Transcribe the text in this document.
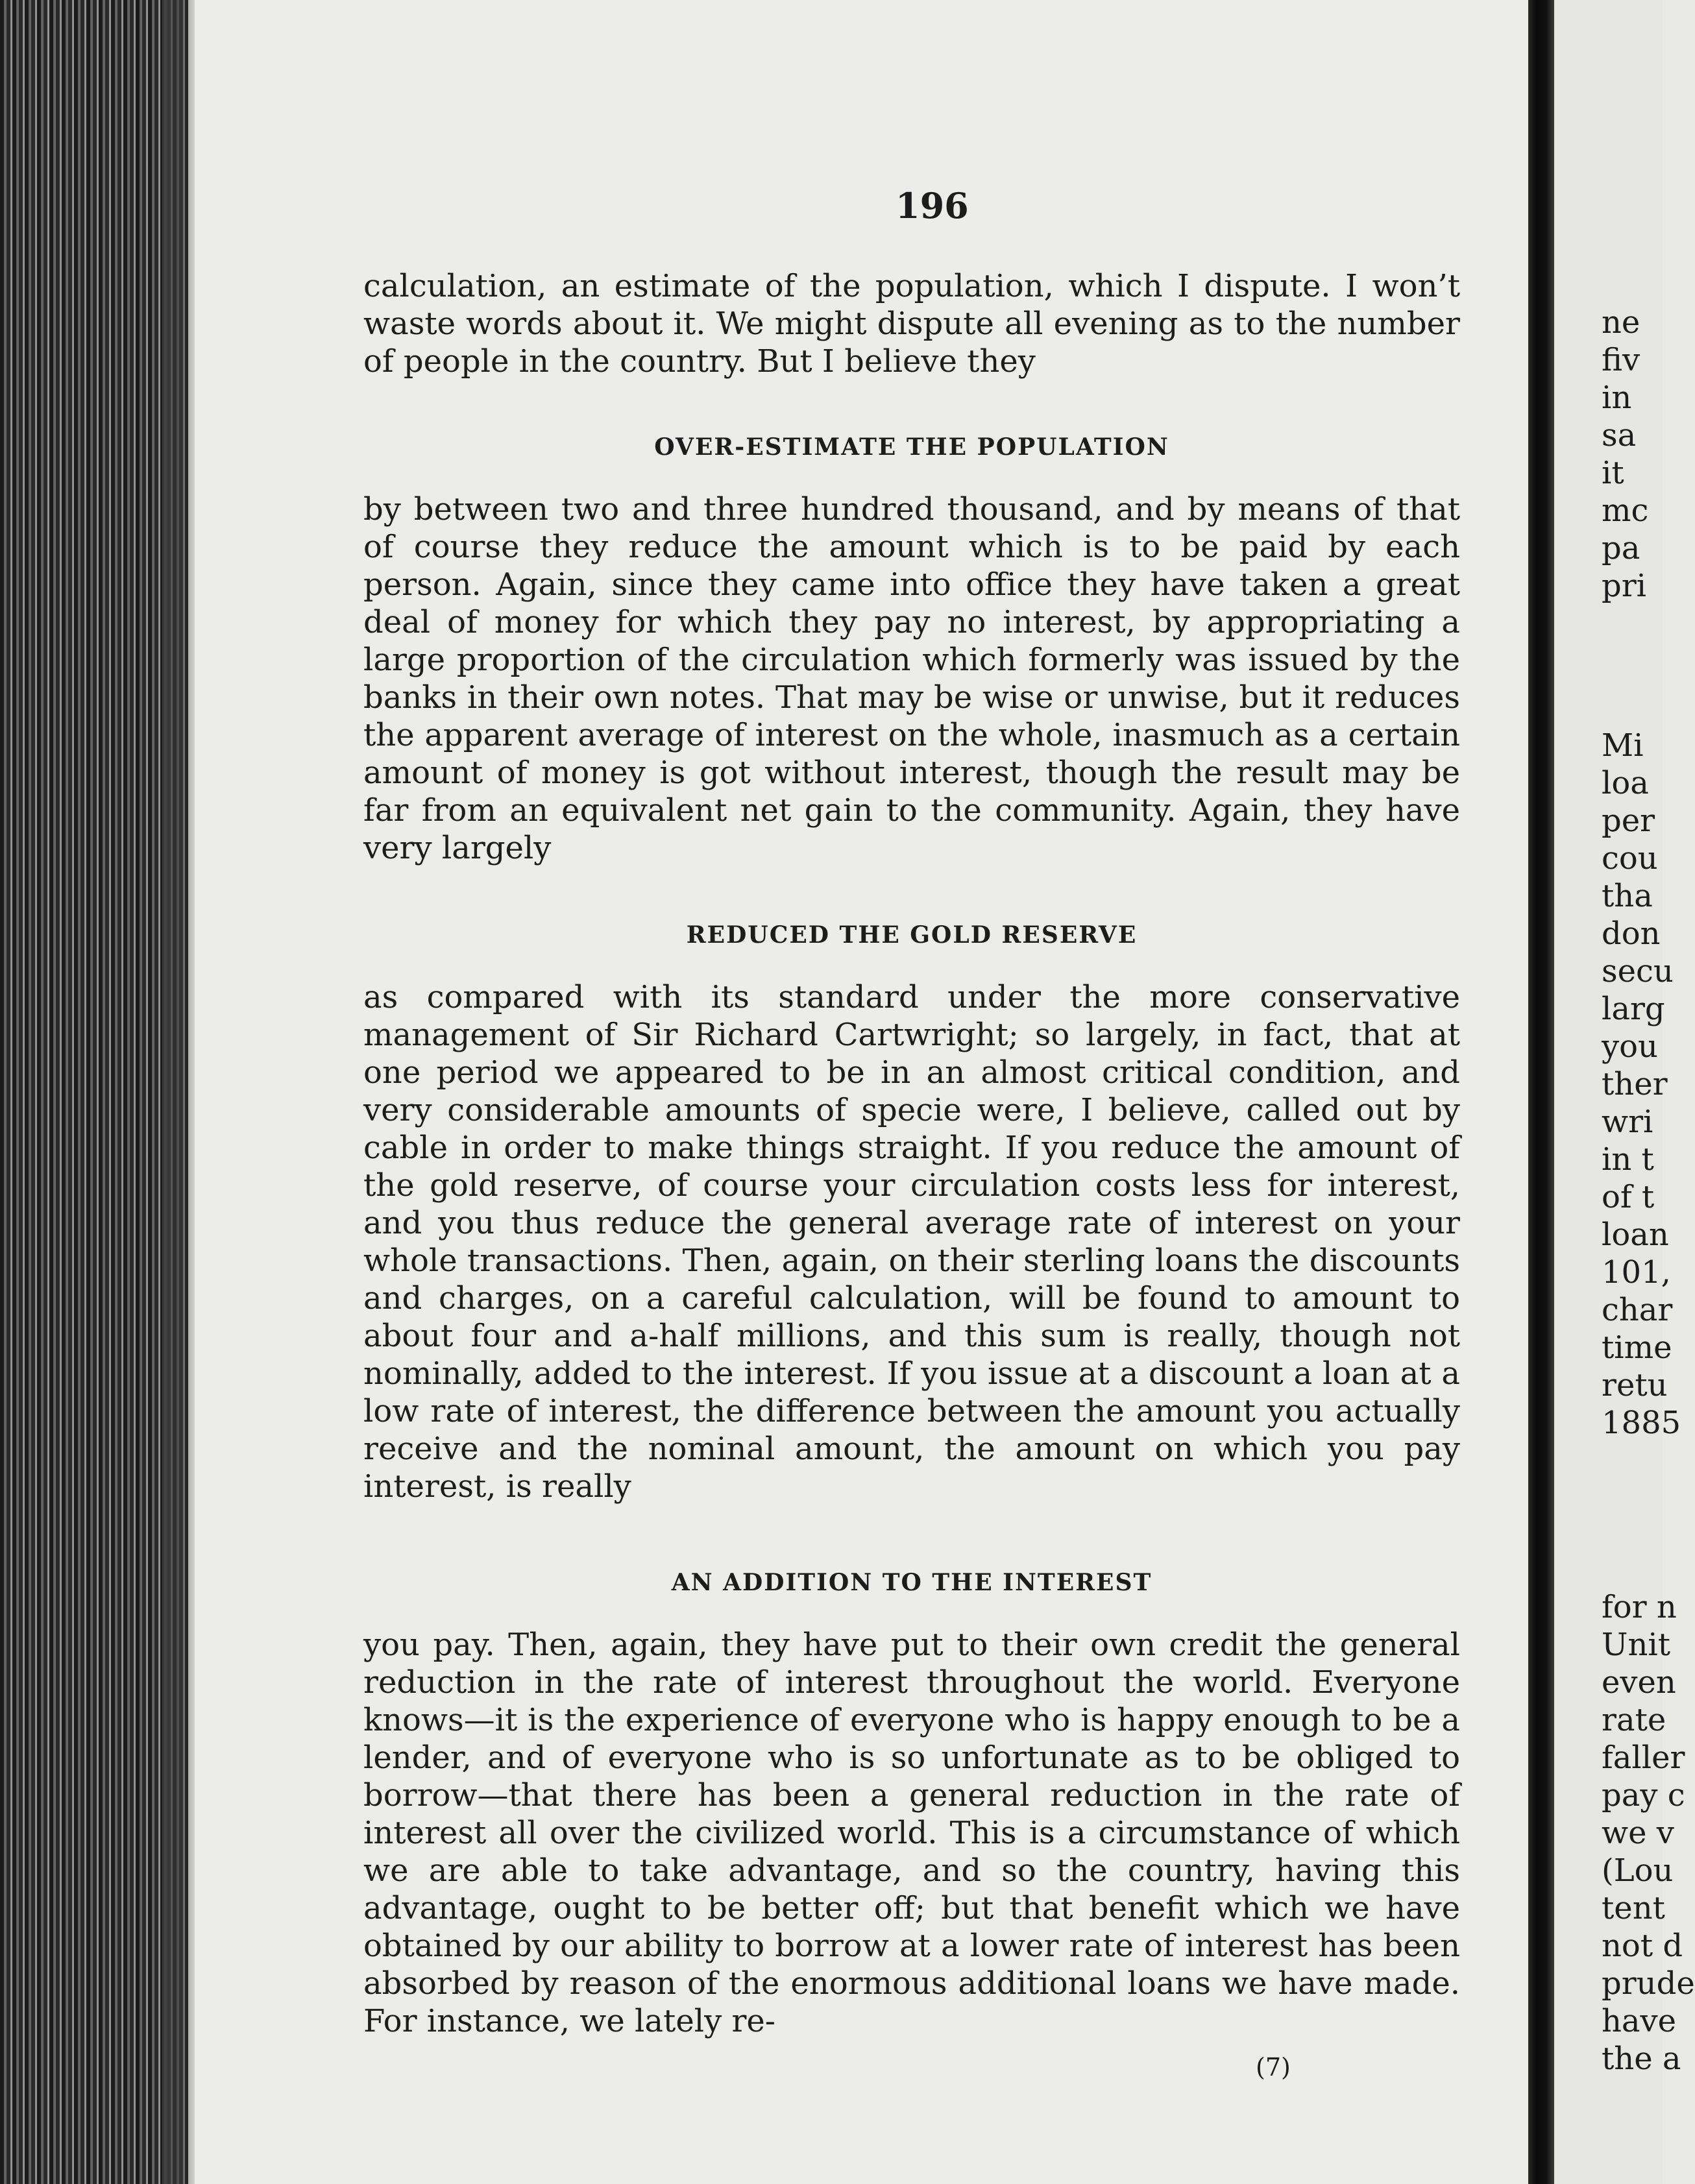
196

calculation, an estimate of the population, which I dispute. I won’t waste words about it. We might dispute all evening as to the number of people in the country. But I believe they

OVER-ESTIMATE THE POPULATION

by between two and three hundred thousand, and by means of that of course they reduce the amount which is to be paid by each person. Again, since they came into office they have taken a great deal of money for which they pay no interest, by appropriating a large proportion of the circulation which formerly was issued by the banks in their own notes. That may be wise or unwise, but it reduces the apparent average of interest on the whole, inasmuch as a certain amount of money is got without interest, though the result may be far from an equivalent net gain to the community. Again, they have very largely

REDUCED THE GOLD RESERVE

as compared with its standard under the more conservative management of Sir Richard Cartwright; so largely, in fact, that at one period we appeared to be in an almost critical condition, and very considerable amounts of specie were, I believe, called out by cable in order to make things straight. If you reduce the amount of the gold reserve, of course your circulation costs less for interest, and you thus reduce the general average rate of interest on your whole transactions. Then, again, on their sterling loans the discounts and charges, on a careful calculation, will be found to amount to about four and a-half millions, and this sum is really, though not nominally, added to the interest. If you issue at a discount a loan at a low rate of interest, the difference between the amount you actually receive and the nominal amount, the amount on which you pay interest, is really

AN ADDITION TO THE INTEREST

you pay. Then, again, they have put to their own credit the general reduction in the rate of interest throughout the world. Everyone knows—it is the experience of everyone who is happy enough to be a lender, and of everyone who is so unfortunate as to be obliged to borrow—that there has been a general reduction in the rate of interest all over the civilized world. This is a circumstance of which we are able to take advantage, and so the country, having this advantage, ought to be better off; but that benefit which we have obtained by our ability to borrow at a lower rate of interest has been absorbed by reason of the enormous additional loans we have made. For instance, we lately re-

(7)
ne
fiv
in
sa
it
mc
pa
pri
Mi
loa
per
cou
tha
don
secu
larg
you
ther
wri
in t
of t
loan
101,
char
time
retu
1885
for n
Unit
even
rate
faller
pay c
we v
(Lou
tent
not d
prude
have
the a
